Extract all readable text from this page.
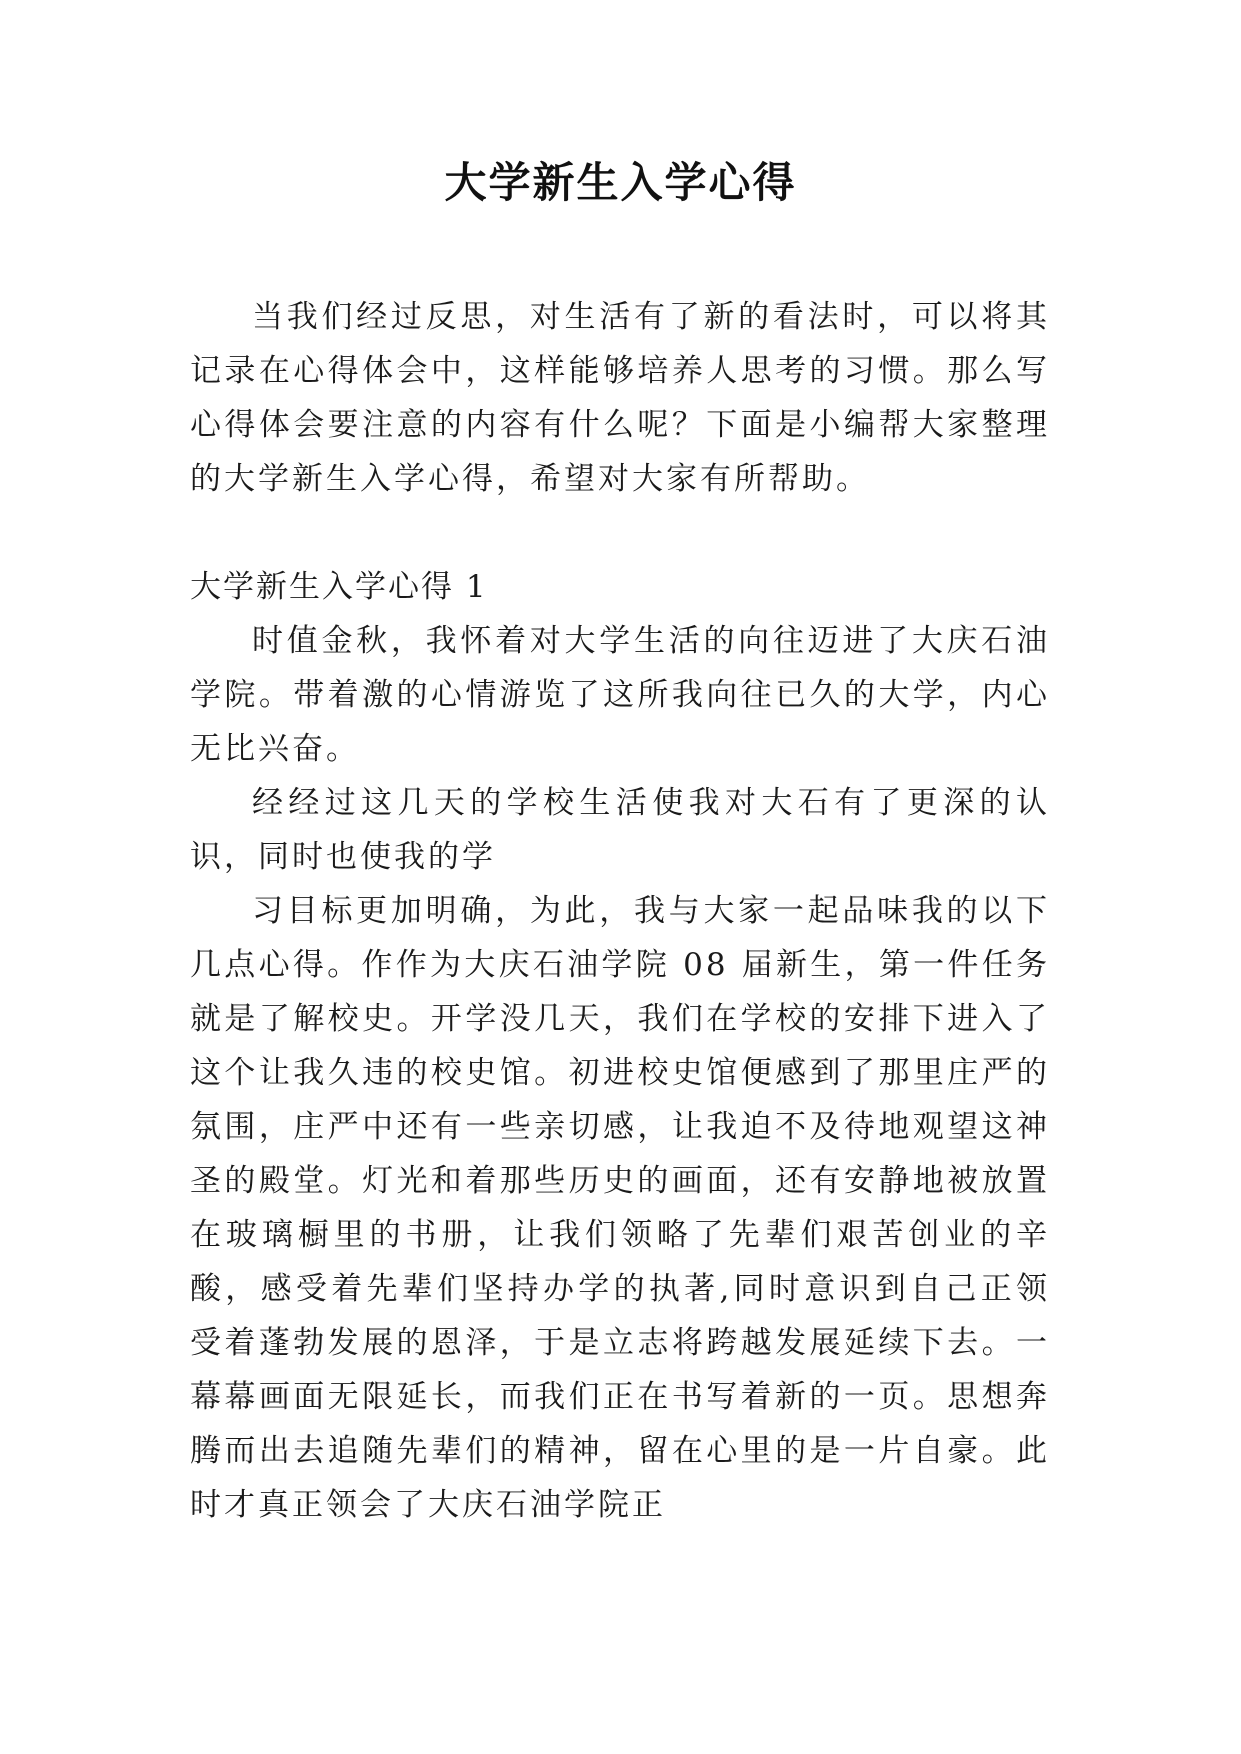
大学新生入学心得

当我们经过反思，对生活有了新的看法时，可以将其记录在心得体会中，这样能够培养人思考的习惯。那么写心得体会要注意的内容有什么呢？下面是小编帮大家整理的大学新生入学心得，希望对大家有所帮助。

大学新生入学心得 1

时值金秋，我怀着对大学生活的向往迈进了大庆石油学院。带着激的心情游览了这所我向往已久的大学，内心无比兴奋。

经经过这几天的学校生活使我对大石有了更深的认识，同时也使我的学

习目标更加明确，为此，我与大家一起品味我的以下几点心得。作作为大庆石油学院 08 届新生，第一件任务就是了解校史。开学没几天，我们在学校的安排下进入了这个让我久违的校史馆。初进校史馆便感到了那里庄严的氛围，庄严中还有一些亲切感，让我迫不及待地观望这神圣的殿堂。灯光和着那些历史的画面，还有安静地被放置在玻璃橱里的书册，让我们领略了先辈们艰苦创业的辛酸，感受着先辈们坚持办学的执著,同时意识到自己正领受着蓬勃发展的恩泽，于是立志将跨越发展延续下去。一幕幕画面无限延长，而我们正在书写着新的一页。思想奔腾而出去追随先辈们的精神，留在心里的是一片自豪。此时才真正领会了大庆石油学院正
